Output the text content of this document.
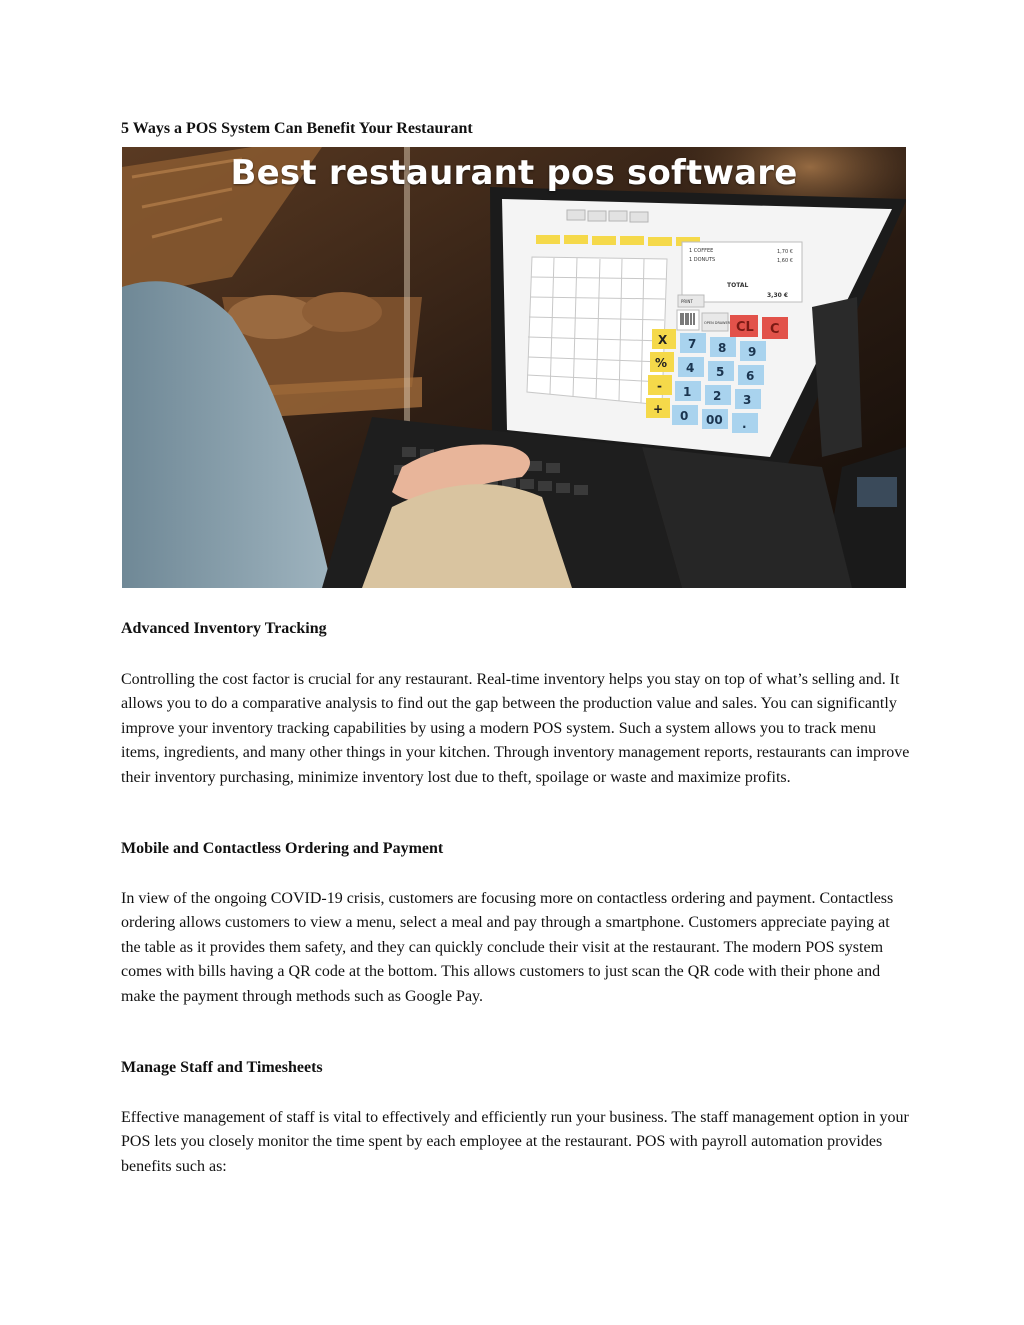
5 Ways a POS System Can Benefit Your Restaurant
1 COFFEE	1,70 €
1 DONUTS	1,60 €
TOTAL
3,30 €
PRINT
OPEN DRAWER CL C
X
%
-
+
7 8 9
4 5 6
1 2 3
0 00 .
Best restaurant pos software
Advanced Inventory Tracking

Controlling the cost factor is crucial for any restaurant. Real-time inventory helps you stay on top of what’s selling and. It allows you to do a comparative analysis to find out the gap between the production value and sales. You can significantly improve your inventory tracking capabilities by using a modern POS system. Such a system allows you to track menu items, ingredients, and many other things in your kitchen. Through inventory management reports, restaurants can improve their inventory purchasing, minimize inventory lost due to theft, spoilage or waste and maximize profits.

Mobile and Contactless Ordering and Payment

In view of the ongoing COVID-19 crisis, customers are focusing more on contactless ordering and payment. Contactless ordering allows customers to view a menu, select a meal and pay through a smartphone. Customers appreciate paying at the table as it provides them safety, and they can quickly conclude their visit at the restaurant. The modern POS system comes with bills having a QR code at the bottom. This allows customers to just scan the QR code with their phone and make the payment through methods such as Google Pay.

Manage Staff and Timesheets

Effective management of staff is vital to effectively and efficiently run your business. The staff management option in your POS lets you closely monitor the time spent by each employee at the restaurant. POS with payroll automation provides benefits such as:
